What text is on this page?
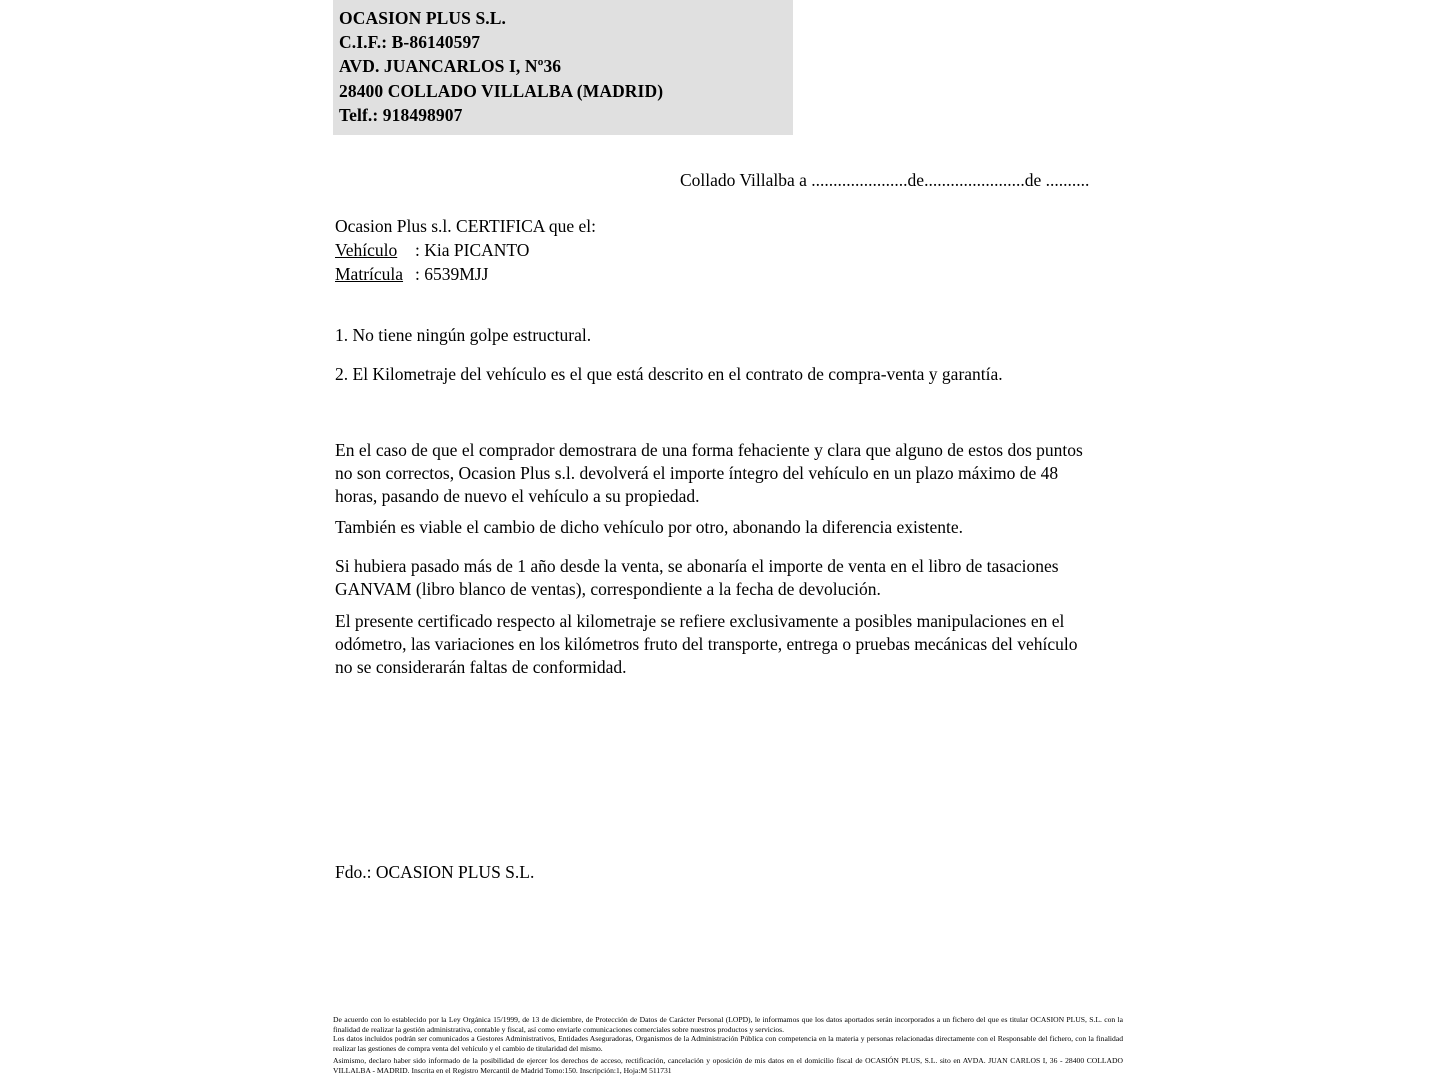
OCASION PLUS S.L.
C.I.F.: B-86140597
AVD. JUANCARLOS I, Nº36
28400 COLLADO VILLALBA (MADRID)
Telf.: 918498907
Collado Villalba a ......................de.......................de ..........
Ocasion Plus s.l. CERTIFICA que el:
Vehículo : Kia PICANTO
Matrícula : 6539MJJ
1. No tiene ningún golpe estructural.
2. El Kilometraje del vehículo es el que está descrito en el contrato de compra-venta y garantía.
En el caso de que el comprador demostrara de una forma fehaciente y clara que alguno de estos dos puntos no son correctos, Ocasion Plus s.l. devolverá el importe íntegro del vehículo en un plazo máximo de 48 horas, pasando de nuevo el vehículo a su propiedad.
También es viable el cambio de dicho vehículo por otro, abonando la diferencia existente.
Si hubiera pasado más de 1 año desde la venta, se abonaría el importe de venta en el libro de tasaciones GANVAM (libro blanco de ventas), correspondiente a la fecha de devolución.
El presente certificado respecto al kilometraje se refiere exclusivamente a posibles manipulaciones en el odómetro, las variaciones en los kilómetros fruto del transporte, entrega o pruebas mecánicas del vehículo no se considerarán faltas de conformidad.
Fdo.: OCASION PLUS S.L.

De acuerdo con lo establecido por la Ley Orgánica 15/1999, de 13 de diciembre, de Protección de Datos de Carácter Personal (LOPD), le informamos que los datos aportados serán incorporados a un fichero del que es titular OCASION PLUS, S.L. con la finalidad de realizar la gestión administrativa, contable y fiscal, así como enviarle comunicaciones comerciales sobre nuestros productos y servicios.

Los datos incluidos podrán ser comunicados a Gestores Administrativos, Entidades Aseguradoras, Organismos de la Administración Pública con competencia en la materia y personas relacionadas directamente con el Responsable del fichero, con la finalidad realizar las gestiones de compra venta del vehículo y el cambio de titularidad del mismo.

Asimismo, declaro haber sido informado de la posibilidad de ejercer los derechos de acceso, rectificación, cancelación y oposición de mis datos en el domicilio fiscal de OCASIÓN PLUS, S.L. sito en AVDA. JUAN CARLOS I, 36 - 28400 COLLADO VILLALBA - MADRID. Inscrita en el Registro Mercantil de Madrid Tomo:150. Inscripción:1, Hoja:M 511731
